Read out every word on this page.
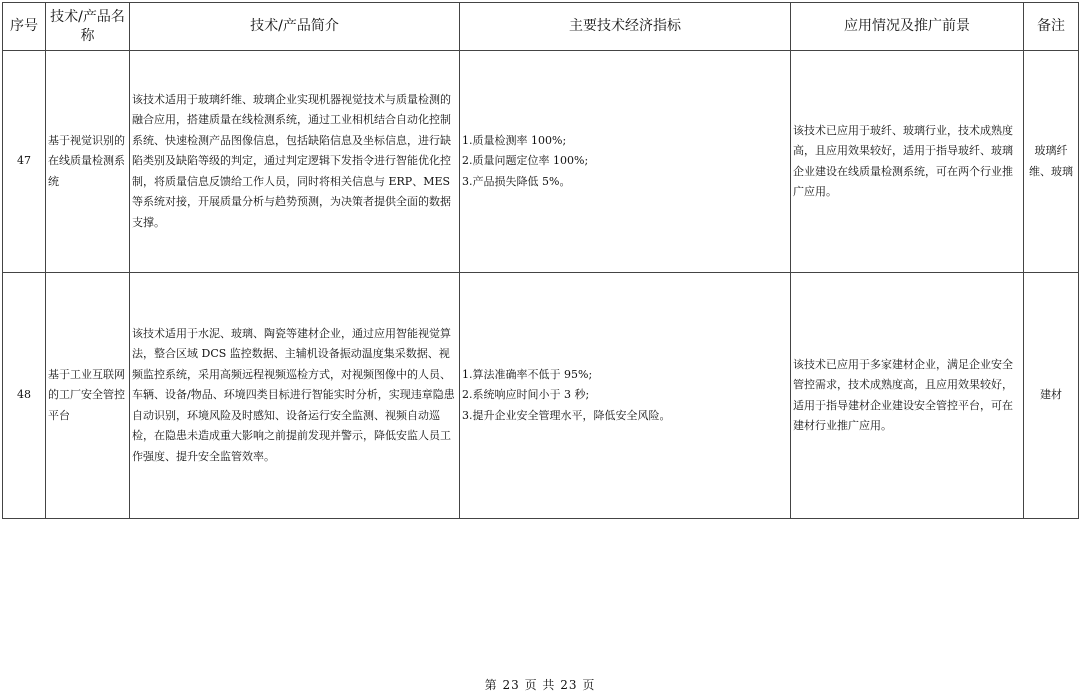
序号	技术/产品名称	技术/产品简介	主要技术经济指标	应用情况及推广前景	备注
47	基于视觉识别的在线质量检测系统	该技术适用于玻璃纤维、玻璃企业实现机器视觉技术与质量检测的融合应用，搭建质量在线检测系统，通过工业相机结合自动化控制系统、快速检测产品图像信息，包括缺陷信息及坐标信息，进行缺陷类别及缺陷等级的判定，通过判定逻辑下发指令进行智能优化控制，将质量信息反馈给工作人员，同时将相关信息与 ERP、MES 等系统对接，开展质量分析与趋势预测，为决策者提供全面的数据支撑。	1.质量检测率 100%;
2.质量问题定位率 100%;
3.产品损失降低 5%。	该技术已应用于玻纤、玻璃行业，技术成熟度高，且应用效果较好，适用于指导玻纤、玻璃企业建设在线质量检测系统，可在两个行业推广应用。	玻璃纤维、玻璃
48	基于工业互联网的工厂安全管控平台	该技术适用于水泥、玻璃、陶瓷等建材企业，通过应用智能视觉算法，整合区域 DCS 监控数据、主辅机设备振动温度集采数据、视频监控系统，采用高频远程视频巡检方式，对视频图像中的人员、车辆、设备/物品、环境四类目标进行智能实时分析，实现违章隐患自动识别，环境风险及时感知、设备运行安全监测、视频自动巡检，在隐患未造成重大影响之前提前发现并警示，降低安监人员工作强度、提升安全监管效率。	1.算法准确率不低于 95%;
2.系统响应时间小于 3 秒;
3.提升企业安全管理水平，降低安全风险。	该技术已应用于多家建材企业，满足企业安全管控需求，技术成熟度高，且应用效果较好，适用于指导建材企业建设安全管控平台，可在建材行业推广应用。	建材
第 23 页 共 23 页
